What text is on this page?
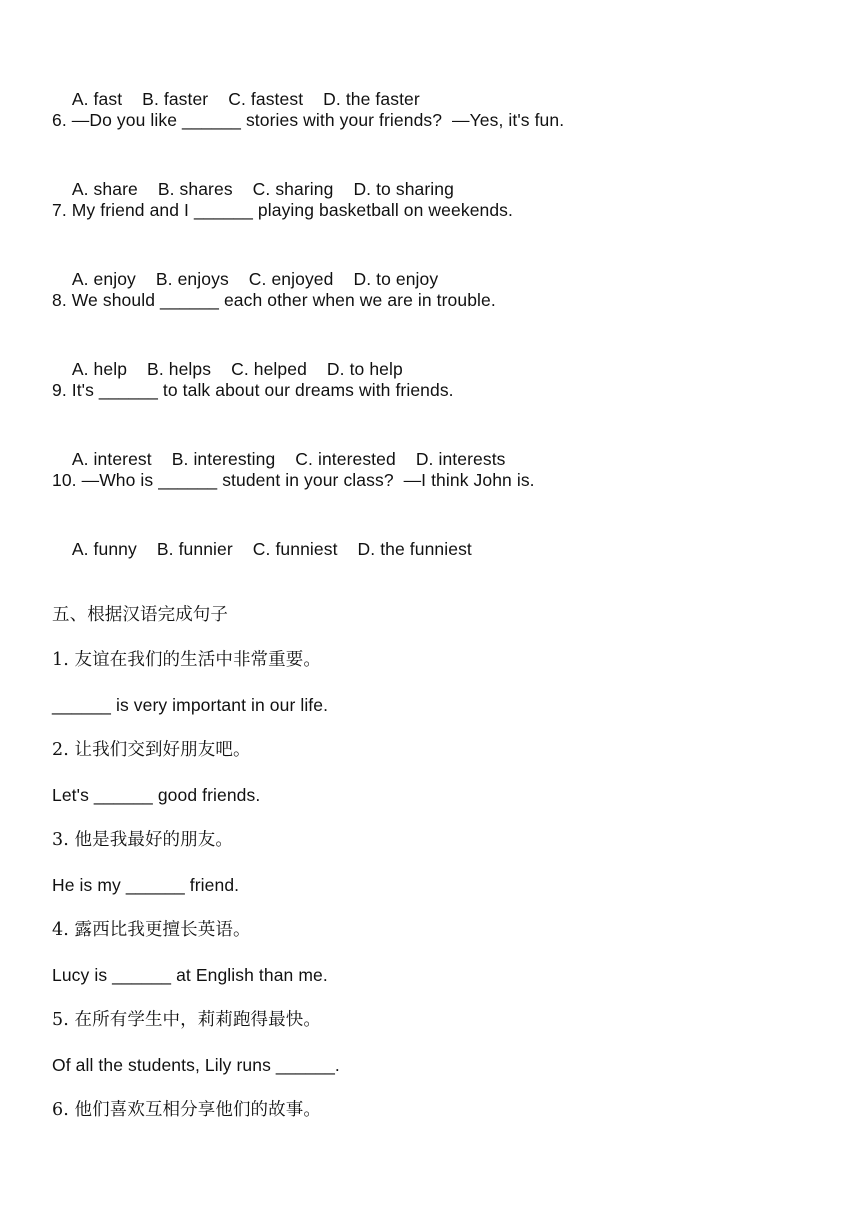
A. fast B. faster C. fastest D. the faster

6. —Do you like ______ stories with your friends?  —Yes, it's fun.

A. share B. shares C. sharing D. to sharing

7. My friend and I ______ playing basketball on weekends.

A. enjoy B. enjoys C. enjoyed D. to enjoy

8. We should ______ each other when we are in trouble.

A. help B. helps C. helped D. to help

9. It's ______ to talk about our dreams with friends.

A. interest B. interesting C. interested D. interests

10. —Who is ______ student in your class?  —I think John is.

A. funny B. funnier C. funniest D. the funniest

五、根据汉语完成句子
1. 友谊在我们的生活中非常重要。
______ is very important in our life.
2. 让我们交到好朋友吧。
Let's ______ good friends.
3. 他是我最好的朋友。
He is my ______ friend.
4. 露西比我更擅长英语。
Lucy is ______ at English than me.
5. 在所有学生中，莉莉跑得最快。
Of all the students, Lily runs ______.
6. 他们喜欢互相分享他们的故事。
